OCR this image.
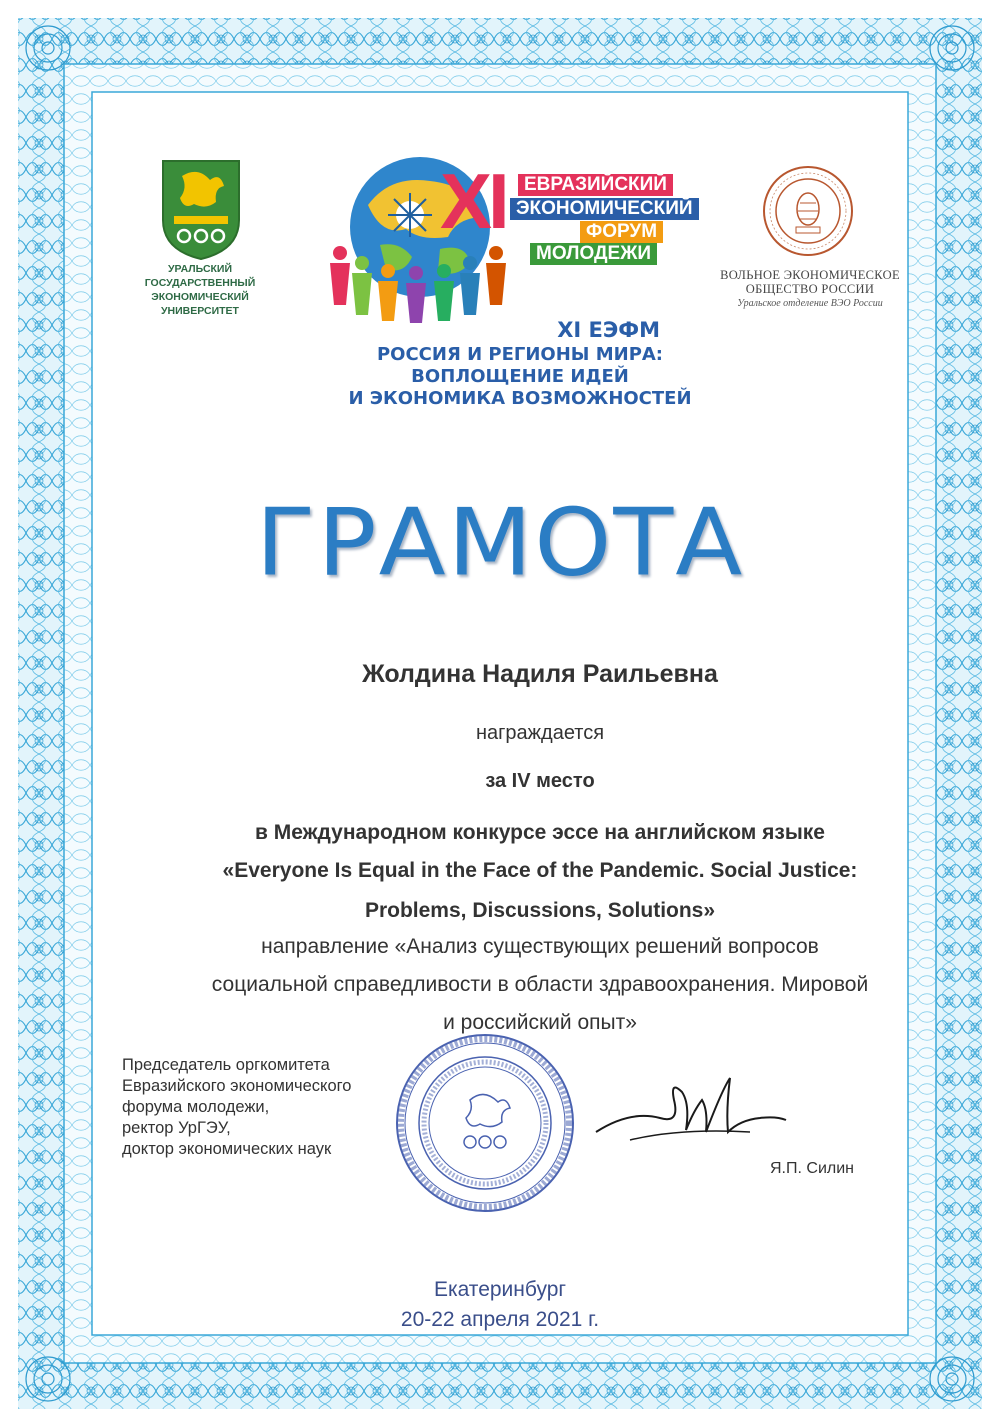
УРАЛЬСКИЙ
ГОСУДАРСТВЕННЫЙ
ЭКОНОМИЧЕСКИЙ
УНИВЕРСИТЕТ
XI ЕВРАЗИЙСКИЙ
ЭКОНОМИЧЕСКИЙ
ФОРУМ
МОЛОДЕЖИ
XI ЕЭФМ
РОССИЯ И РЕГИОНЫ МИРА:
ВОПЛОЩЕНИЕ ИДЕЙ
И ЭКОНОМИКА ВОЗМОЖНОСТЕЙ
ВОЛЬНОЕ ЭКОНОМИЧЕСКОЕ
ОБЩЕСТВО РОССИИ
Уральское отделение ВЭО России
ГРАМОТА
Жолдина Надиля Раильевна
награждается
за IV место
в Международном конкурсе эссе на английском языке
«Everyone Is Equal in the Face of the Pandemic. Social Justice:
Problems, Discussions, Solutions»
направление «Анализ существующих решений вопросов
социальной справедливости в области здравоохранения. Мировой
и российский опыт»
Председатель оргкомитета
Евразийского экономического
форума молодежи,
ректор УрГЭУ,
доктор экономических наук
Я.П. Силин
Екатеринбург
20-22 апреля 2021 г.
